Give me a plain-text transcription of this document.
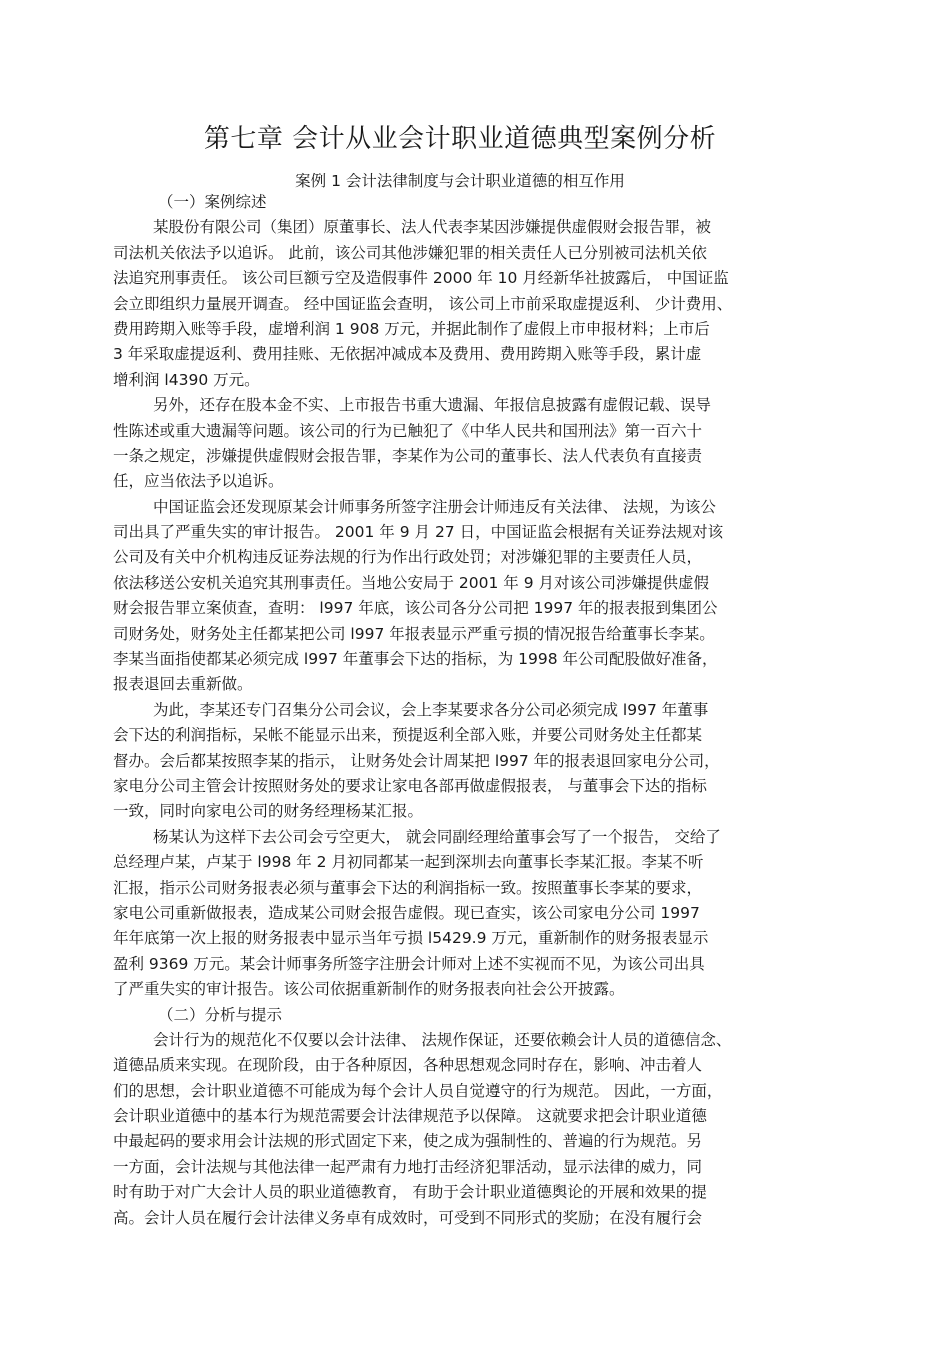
第七章 会计从业会计职业道德典型案例分析
案例 1 会计法律制度与会计职业道德的相互作用
（一）案例综述
某股份有限公司（集团）原董事长、法人代表李某因涉嫌提供虚假财会报告罪，被
司法机关依法予以追诉。 此前，该公司其他涉嫌犯罪的相关责任人已分别被司法机关依
法追究刑事责任。 该公司巨额亏空及造假事件 2000 年 10 月经新华社披露后， 中国证监
会立即组织力量展开调查。 经中国证监会查明， 该公司上市前采取虚提返利、 少计费用、
费用跨期入账等手段，虚增利润 1 908 万元，并据此制作了虚假上市申报材料；上市后
3 年采取虚提返利、费用挂账、无依据冲减成本及费用、费用跨期入账等手段，累计虚
增利润 l4390 万元。
另外，还存在股本金不实、上市报告书重大遗漏、年报信息披露有虚假记载、误导
性陈述或重大遗漏等问题。该公司的行为已触犯了《中华人民共和国刑法》第一百六十
一条之规定，涉嫌提供虚假财会报告罪，李某作为公司的董事长、法人代表负有直接责
任，应当依法予以追诉。
中国证监会还发现原某会计师事务所签字注册会计师违反有关法律、 法规，为该公
司出具了严重失实的审计报告。 2001 年 9 月 27 日，中国证监会根据有关证券法规对该
公司及有关中介机构违反证券法规的行为作出行政处罚；对涉嫌犯罪的主要责任人员，
依法移送公安机关追究其刑事责任。当地公安局于 2001 年 9 月对该公司涉嫌提供虚假
财会报告罪立案侦查，查明： l997 年底，该公司各分公司把 1997 年的报表报到集团公
司财务处，财务处主任都某把公司 l997 年报表显示严重亏损的情况报告给董事长李某。
李某当面指使都某必须完成 l997 年董事会下达的指标，为 1998 年公司配股做好准备，
报表退回去重新做。
为此，李某还专门召集分公司会议，会上李某要求各分公司必须完成 l997 年董事
会下达的利润指标，呆帐不能显示出来，预提返利全部入账，并要公司财务处主任都某
督办。会后都某按照李某的指示， 让财务处会计周某把 l997 年的报表退回家电分公司，
家电分公司主管会计按照财务处的要求让家电各部再做虚假报表， 与董事会下达的指标
一致，同时向家电公司的财务经理杨某汇报。
杨某认为这样下去公司会亏空更大， 就会同副经理给董事会写了一个报告， 交给了
总经理卢某，卢某于 l998 年 2 月初同都某一起到深圳去向董事长李某汇报。李某不听
汇报，指示公司财务报表必须与董事会下达的利润指标一致。按照董事长李某的要求，
家电公司重新做报表，造成某公司财会报告虚假。现已查实，该公司家电分公司 1997
年年底第一次上报的财务报表中显示当年亏损 l5429.9 万元，重新制作的财务报表显示
盈利 9369 万元。某会计师事务所签字注册会计师对上述不实视而不见，为该公司出具
了严重失实的审计报告。该公司依据重新制作的财务报表向社会公开披露。
（二）分析与提示
会计行为的规范化不仅要以会计法律、 法规作保证，还要依赖会计人员的道德信念、
道德品质来实现。在现阶段，由于各种原因，各种思想观念同时存在，影响、冲击着人
们的思想，会计职业道德不可能成为每个会计人员自觉遵守的行为规范。 因此，一方面，
会计职业道德中的基本行为规范需要会计法律规范予以保障。 这就要求把会计职业道德
中最起码的要求用会计法规的形式固定下来，使之成为强制性的、普遍的行为规范。另
一方面，会计法规与其他法律一起严肃有力地打击经济犯罪活动，显示法律的威力，同
时有助于对广大会计人员的职业道德教育， 有助于会计职业道德舆论的开展和效果的提
高。会计人员在履行会计法律义务卓有成效时，可受到不同形式的奖励；在没有履行会
